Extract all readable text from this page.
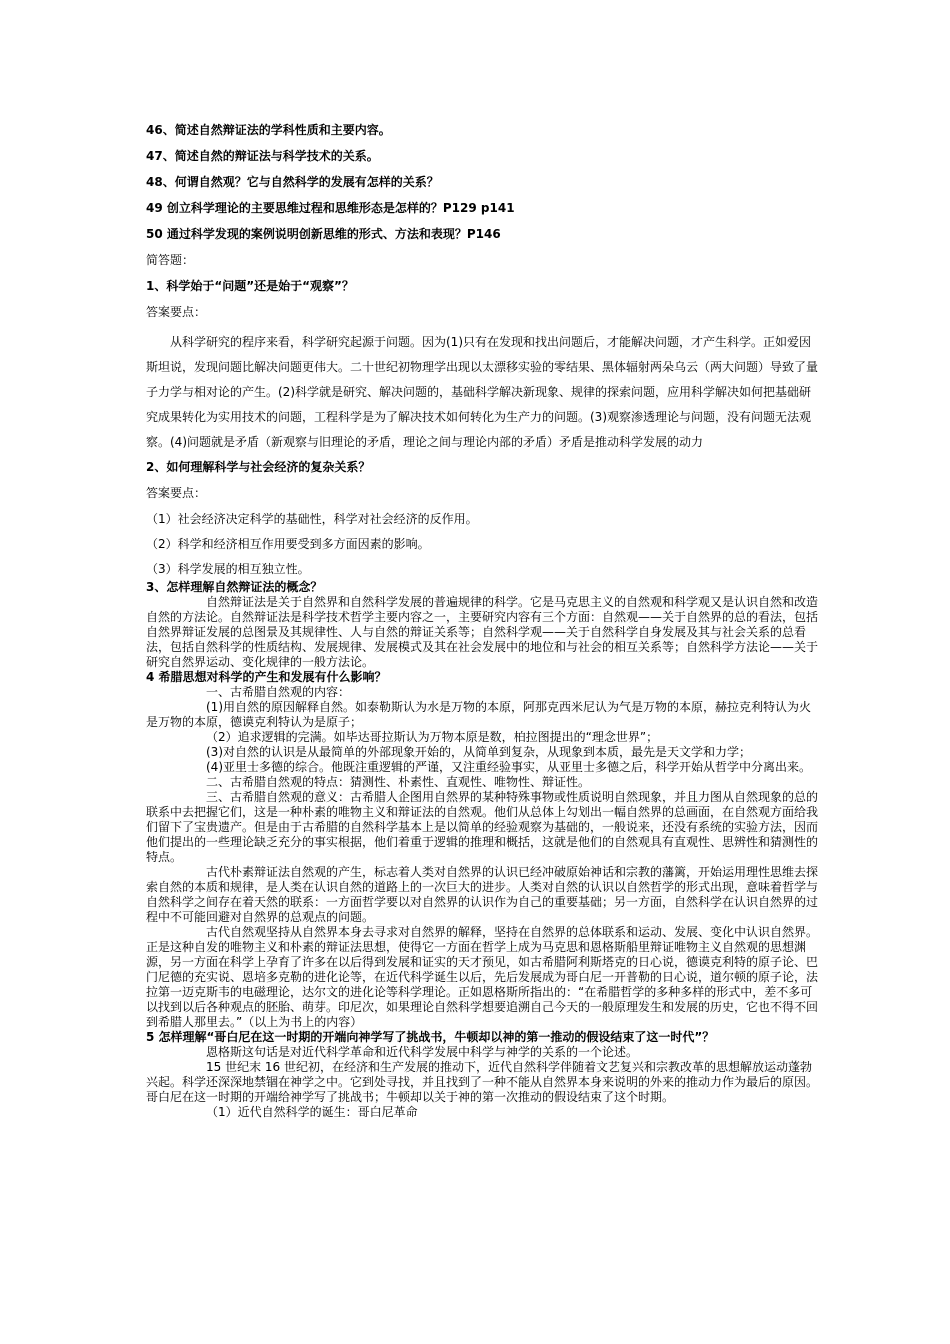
46、简述自然辩证法的学科性质和主要内容。
47、简述自然的辩证法与科学技术的关系。
48、何谓自然观？它与自然科学的发展有怎样的关系？
49 创立科学理论的主要思维过程和思维形态是怎样的？P129 p141
50 通过科学发现的案例说明创新思维的形式、方法和表现？P146
简答题：
1、科学始于“问题”还是始于“观察”？
答案要点：

从科学研究的程序来看，科学研究起源于问题。因为(1)只有在发现和找出问题后，才能解决问题，才产生科学。正如爱因斯坦说，发现问题比解决问题更伟大。二十世纪初物理学出现以太漂移实验的零结果、黑体辐射两朵乌云（两大问题）导致了量子力学与相对论的产生。(2)科学就是研究、解决问题的，基础科学解决新现象、规律的探索问题，应用科学解决如何把基础研究成果转化为实用技术的问题，工程科学是为了解决技术如何转化为生产力的问题。(3)观察渗透理论与问题，没有问题无法观察。(4)问题就是矛盾（新观察与旧理论的矛盾，理论之间与理论内部的矛盾）矛盾是推动科学发展的动力

2、如何理解科学与社会经济的复杂关系？
答案要点：
（1）社会经济决定科学的基础性，科学对社会经济的反作用。
（2）科学和经济相互作用要受到多方面因素的影响。
（3）科学发展的相互独立性。
3、怎样理解自然辩证法的概念？

自然辩证法是关于自然界和自然科学发展的普遍规律的科学。它是马克思主义的自然观和科学观又是认识自然和改造自然的方法论。自然辩证法是科学技术哲学主要内容之一，主要研究内容有三个方面：自然观——关于自然界的总的看法，包括自然界辩证发展的总图景及其规律性、人与自然的辩证关系等；自然科学观——关于自然科学自身发展及其与社会关系的总看法，包括自然科学的性质结构、发展规律、发展模式及其在社会发展中的地位和与社会的相互关系等；自然科学方法论——关于研究自然界运动、变化规律的一般方法论。

4 希腊思想对科学的产生和发展有什么影响？

一、古希腊自然观的内容：

(1)用自然的原因解释自然。如泰勒斯认为水是万物的本原，阿那克西米尼认为气是万物的本原，赫拉克利特认为火是万物的本原，德谟克利特认为是原子；

（2）追求逻辑的完满。如毕达哥拉斯认为万物本原是数，柏拉图提出的“理念世界”；

(3)对自然的认识是从最简单的外部现象开始的，从简单到复杂，从现象到本质，最先是天文学和力学；

(4)亚里士多德的综合。他既注重逻辑的严谨，又注重经验事实，从亚里士多德之后，科学开始从哲学中分离出来。

二、古希腊自然观的特点：猜测性、朴素性、直观性、唯物性、辩证性。

三、古希腊自然观的意义：古希腊人企图用自然界的某种特殊事物或性质说明自然现象，并且力图从自然现象的总的联系中去把握它们，这是一种朴素的唯物主义和辩证法的自然观。他们从总体上勾划出一幅自然界的总画面，在自然观方面给我们留下了宝贵遗产。但是由于古希腊的自然科学基本上是以简单的经验观察为基础的，一般说来，还没有系统的实验方法，因而他们提出的一些理论缺乏充分的事实根据，他们着重于逻辑的推理和概括，这就是他们的自然观具有直观性、思辨性和猜测性的特点。

古代朴素辩证法自然观的产生，标志着人类对自然界的认识已经冲破原始神话和宗教的藩篱，开始运用理性思维去探索自然的本质和规律，是人类在认识自然的道路上的一次巨大的进步。人类对自然的认识以自然哲学的形式出现，意味着哲学与自然科学之间存在着天然的联系：一方面哲学要以对自然界的认识作为自己的重要基础；另一方面，自然科学在认识自然界的过程中不可能回避对自然界的总观点的问题。

古代自然观坚持从自然界本身去寻求对自然界的解释，坚持在自然界的总体联系和运动、发展、变化中认识自然界。正是这种自发的唯物主义和朴素的辩证法思想，使得它一方面在哲学上成为马克思和恩格斯船里辩证唯物主义自然观的思想渊源，另一方面在科学上孕育了许多在以后得到发展和证实的天才预见，如古希腊阿利斯塔克的日心说，德谟克利特的原子论、巴门尼德的充实说、恩培多克勒的进化论等，在近代科学诞生以后，先后发展成为哥白尼一开普勒的日心说，道尔顿的原子论，法拉第一迈克斯韦的电磁理论，达尔文的进化论等科学理论。正如恩格斯所指出的：“在希腊哲学的多种多样的形式中，差不多可以找到以后各种观点的胚胎、萌芽。印尼次，如果理论自然科学想要追溯自己今天的一般原理发生和发展的历史，它也不得不回到希腊人那里去。”（以上为书上的内容）

5 怎样理解“哥白尼在这一时期的开端向神学写了挑战书，牛顿却以神的第一推动的假设结束了这一时代”？

恩格斯这句话是对近代科学革命和近代科学发展中科学与神学的关系的一个论述。

15 世纪末 16 世纪初，在经济和生产发展的推动下，近代自然科学伴随着文艺复兴和宗教改革的思想解放运动蓬勃兴起。科学还深深地禁锢在神学之中。它到处寻找，并且找到了一种不能从自然界本身来说明的外来的推动力作为最后的原因。哥白尼在这一时期的开端给神学写了挑战书；牛顿却以关于神的第一次推动的假设结束了这个时期。

（1）近代自然科学的诞生：哥白尼革命
